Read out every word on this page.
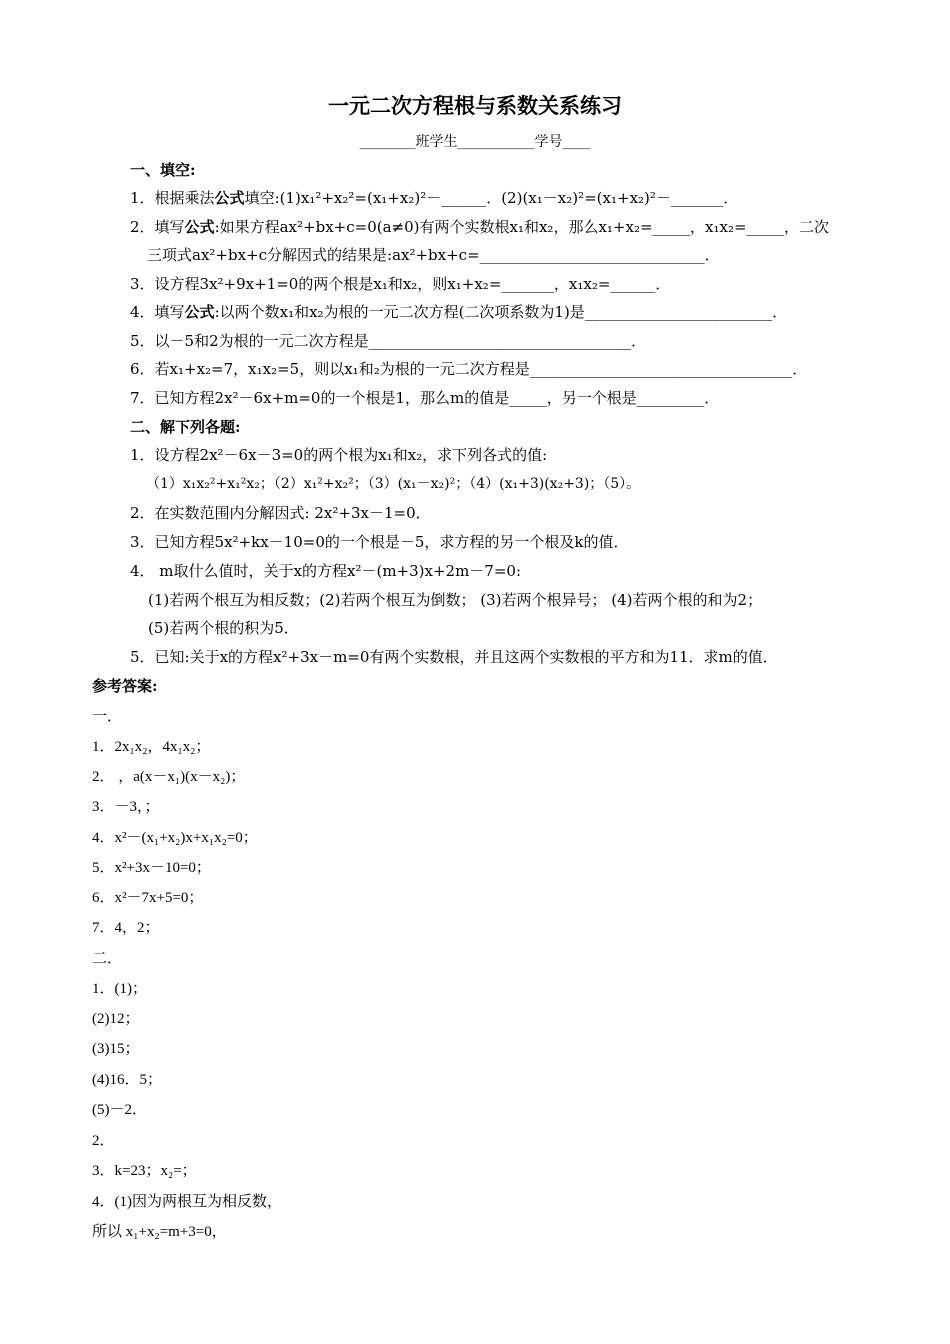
一元二次方程根与系数关系练习
________班学生___________学号____
一、填空:
1．根据乘法公式填空:(1)x₁²+x₂²=(x₁+x₂)²－______．(2)(x₁－x₂)²=(x₁+x₂)²－_______．
2．填写公式:如果方程ax²+bx+c=0(a≠0)有两个实数根x₁和x₂，那么x₁+x₂=_____，x₁x₂=_____，二次
三项式ax²+bx+c分解因式的结果是:ax²+bx+c=______________________________．
3．设方程3x²+9x+1=0的两个根是x₁和x₂，则x₁+x₂=_______，x₁x₂=______．
4．填写公式:以两个数x₁和x₂为根的一元二次方程(二次项系数为1)是_________________________．
5．以－5和2为根的一元二次方程是___________________________________．
6．若x₁+x₂=7，x₁x₂=5，则以x₁和₂为根的一元二次方程是___________________________________．
7．已知方程2x²－6x+m=0的一个根是1，那么m的值是_____，另一个根是_________．
二、解下列各题:
1．设方程2x²－6x－3=0的两个根为x₁和x₂，求下列各式的值:
（1）x₁x₂²+x₁²x₂；（2）x₁²+x₂²；（3）(x₁－x₂)²；（4）(x₁+3)(x₂+3)；（5）。
2．在实数范围内分解因式: 2x²+3x－1=0．
3．已知方程5x²+kx－10=0的一个根是－5，求方程的另一个根及k的值．
4． m取什么值时，关于x的方程x²－(m+3)x+2m－7=0:
(1)若两个根互为相反数；(2)若两个根互为倒数； (3)若两个根异号； (4)若两个根的和为2；
(5)若两个根的积为5．
5．已知:关于x的方程x²+3x－m=0有两个实数根，并且这两个实数根的平方和为11．求m的值．
参考答案:
一．
1．2x₁x₂，4x₁x₂；
2． ，a(x－x₁)(x－x₂)；
3．－3，；
4．x²－(x₁+x₂)x+x₁x₂=0；
5．x²+3x－10=0；
6．x²－7x+5=0；
7．4，2；
二．
1．(1)；
(2)12；
(3)15；
(4)16．5；
(5)－2．
2．
3．k=23；x₂=；
4．(1)因为两根互为相反数，
所以 x₁+x₂=m+3=0，
